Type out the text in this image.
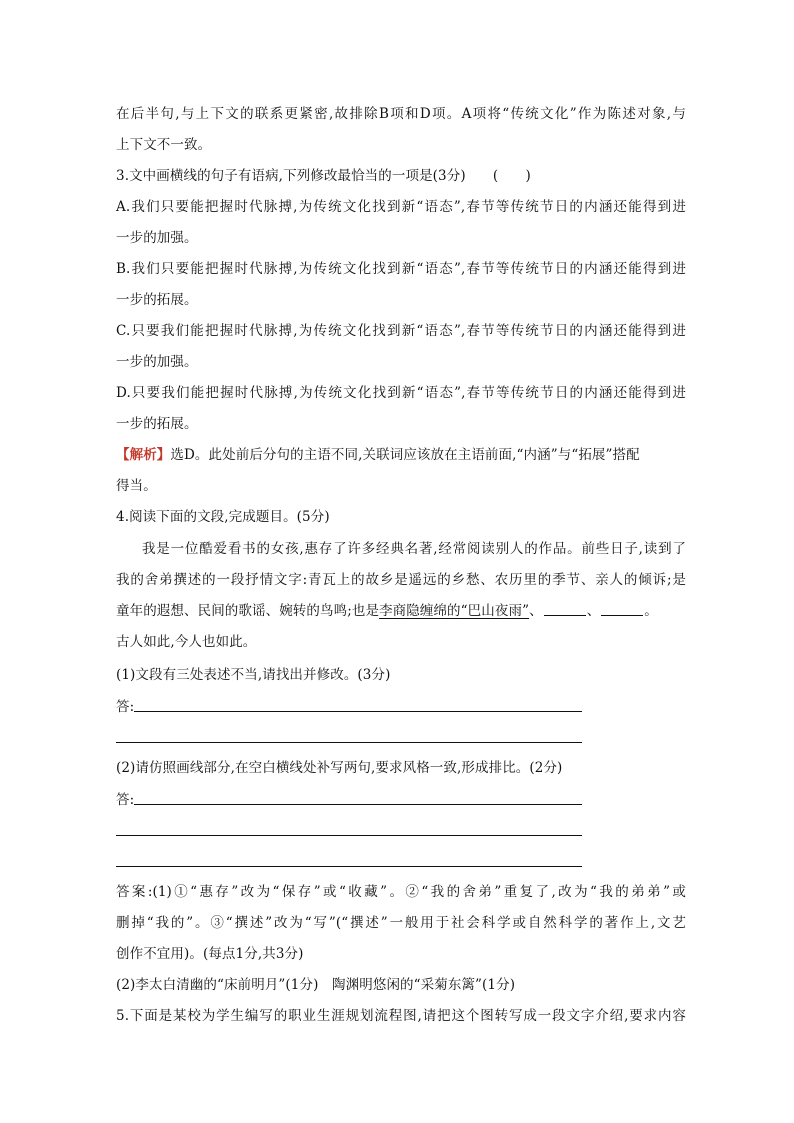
在后半句,与上下文的联系更紧密,故排除B项和D项。A项将“传统文化”作为陈述对象,与
上下文不一致。
3.文中画横线的句子有语病,下列修改最恰当的一项是(3分)　　(　　)
A.我们只要能把握时代脉搏,为传统文化找到新“语态”,春节等传统节日的内涵还能得到进
一步的加强。
B.我们只要能把握时代脉搏,为传统文化找到新“语态”,春节等传统节日的内涵还能得到进
一步的拓展。
C.只要我们能把握时代脉搏,为传统文化找到新“语态”,春节等传统节日的内涵还能得到进
一步的加强。
D.只要我们能把握时代脉搏,为传统文化找到新“语态”,春节等传统节日的内涵还能得到进
一步的拓展。
【解析】选D。此处前后分句的主语不同,关联词应该放在主语前面,“内涵”与“拓展”搭配
得当。
4.阅读下面的文段,完成题目。(5分)
我是一位酷爱看书的女孩,惠存了许多经典名著,经常阅读别人的作品。前些日子,读到了
我的舍弟撰述的一段抒情文字:青瓦上的故乡是遥远的乡愁、农历里的季节、亲人的倾诉;是
童年的遐想、民间的歌谣、婉转的鸟鸣;也是李商隐缠绵的“巴山夜雨”、	、	。
古人如此,今人也如此。
(1)文段有三处表述不当,请找出并修改。(3分)
答:
(2)请仿照画线部分,在空白横线处补写两句,要求风格一致,形成排比。(2分)
答:
答案:(1)①“惠存”改为“保存”或“收藏”。②“我的舍弟”重复了,改为“我的弟弟”或
删掉“我的”。③“撰述”改为“写”(“撰述”一般用于社会科学或自然科学的著作上,文艺
创作不宜用)。(每点1分,共3分)
(2)李太白清幽的“床前明月”(1分)　陶渊明悠闲的“采菊东篱”(1分)
5.下面是某校为学生编写的职业生涯规划流程图,请把这个图转写成一段文字介绍,要求内容
